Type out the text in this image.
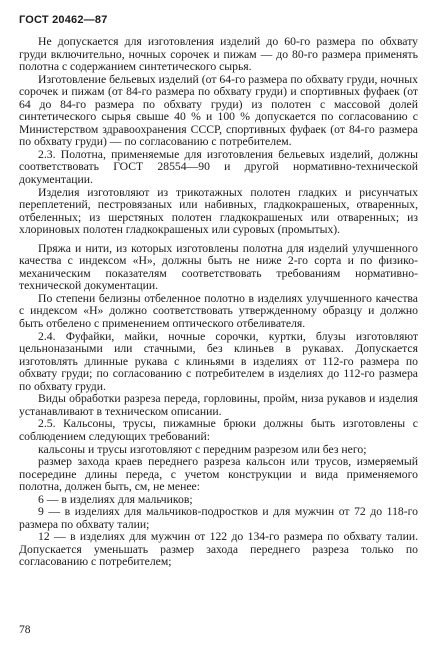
ГОСТ 20462—87

Не допускается для изготовления изделий до 60-го размера по обхвату груди включительно, ночных сорочек и пижам — до 80-го размера применять полотна с содержанием синтетического сырья.

Изготовление бельевых изделий (от 64-го размера по обхвату груди, ночных сорочек и пижам (от 84-го размера по обхвату груди) и спортивных фуфаек (от 64 до 84-го размера по обхвату груди) из полотен с массовой долей синтетического сырья свыше 40 % и 100 % допускается по согласованию с Министерством здравоохранения СССР, спортивных фуфаек (от 84-го размера по обхвату груди) — по согласованию с потребителем.

2.3. Полотна, применяемые для изготовления бельевых изделий, должны соответствовать ГОСТ 28554—90 и другой нормативно-технической документации.

Изделия изготовляют из трикотажных полотен гладких и рисунчатых переплетений, пестровязаных или набивных, гладкокрашеных, отваренных, отбеленных; из шерстяных полотен гладкокрашеных или отваренных; из хлориновых полотен гладкокрашеных или суровых (промытых).

Пряжа и нити, из которых изготовлены полотна для изделий улучшенного качества с индексом «Н», должны быть не ниже 2-го сорта и по физико-механическим показателям соответствовать требованиям нормативно-технической документации.

По степени белизны отбеленное полотно в изделиях улучшенного качества с индексом «Н» должно соответствовать утвержденному образцу и должно быть отбелено с применением оптического отбеливателя.

2.4. Фуфайки, майки, ночные сорочки, куртки, блузы изготовляют цельноназаными или стачными, без клиньев в рукавах. Допускается изготовлять длинные рукава с клиньями в изделиях от 112-го размера по обхвату груди; по согласованию с потребителем в изделиях до 112-го размера по обхвату груди.

Виды обработки разреза переда, горловины, пройм, низа рукавов и изделия устанавливают в техническом описании.

2.5. Кальсоны, трусы, пижамные брюки должны быть изготовлены с соблюдением следующих требований:

кальсоны и трусы изготовляют с передним разрезом или без него;

размер захода краев переднего разреза кальсон или трусов, измеряемый посередине длины переда, с учетом конструкции и вида применяемого полотна, должен быть, см, не менее:

6 — в изделиях для мальчиков;

9 — в изделиях для мальчиков-подростков и для мужчин от 72 до 118-го размера по обхвату талии;

12 — в изделиях для мужчин от 122 до 134-го размера по обхвату талии. Допускается уменьшать размер захода переднего разреза только по согласованию с потребителем;

78
